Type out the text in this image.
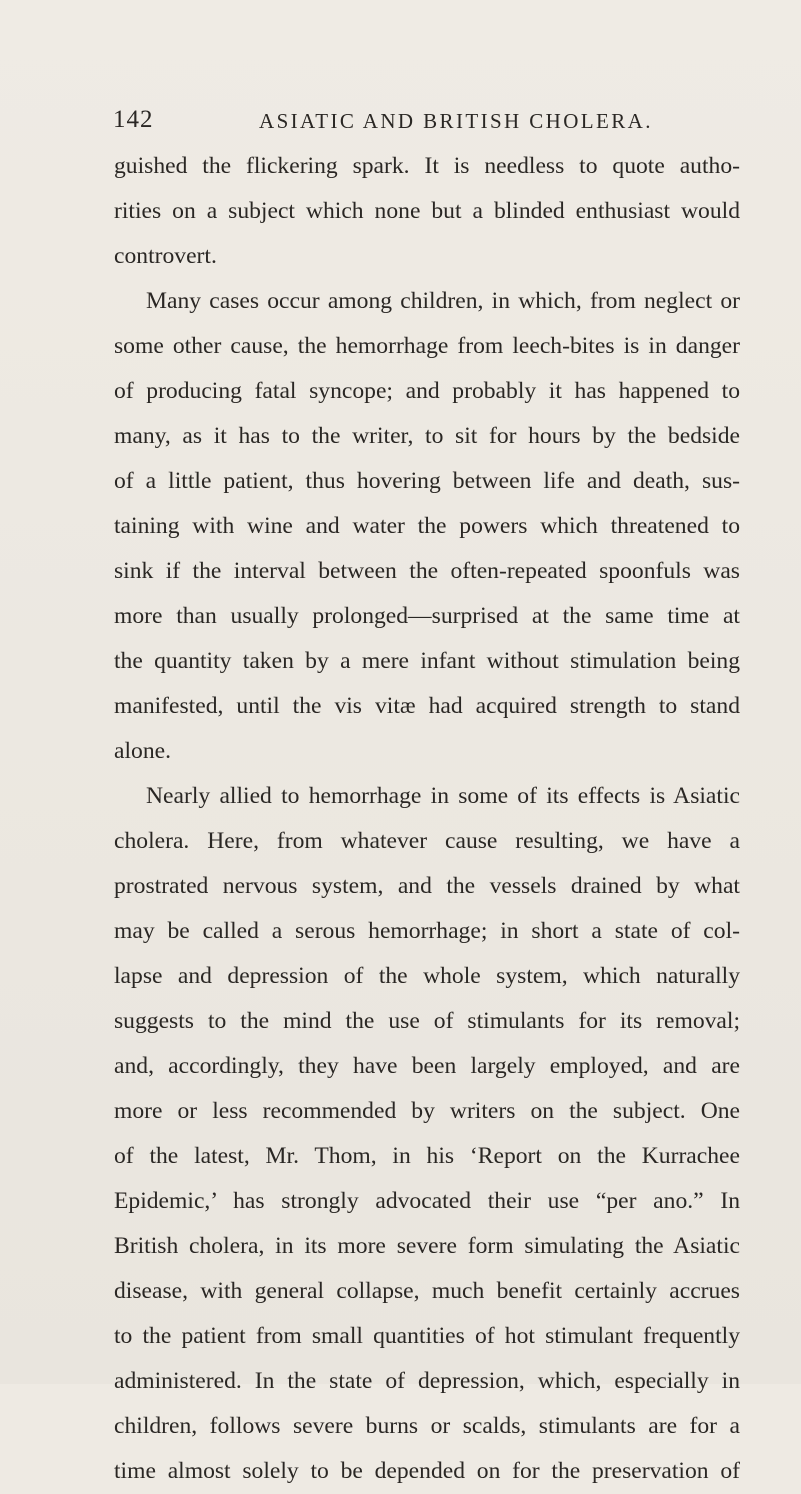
142	ASIATIC AND BRITISH CHOLERA.
guished the flickering spark. It is needless to quote autho-
rities on a subject which none but a blinded enthusiast would
controvert.
Many cases occur among children, in which, from neglect or
some other cause, the hemorrhage from leech-bites is in danger
of producing fatal syncope; and probably it has happened to
many, as it has to the writer, to sit for hours by the bedside
of a little patient, thus hovering between life and death, sus-
taining with wine and water the powers which threatened to
sink if the interval between the often-repeated spoonfuls was
more than usually prolonged—surprised at the same time at
the quantity taken by a mere infant without stimulation being
manifested, until the vis vitæ had acquired strength to stand
alone.
Nearly allied to hemorrhage in some of its effects is Asiatic
cholera. Here, from whatever cause resulting, we have a
prostrated nervous system, and the vessels drained by what
may be called a serous hemorrhage; in short a state of col-
lapse and depression of the whole system, which naturally
suggests to the mind the use of stimulants for its removal;
and, accordingly, they have been largely employed, and are
more or less recommended by writers on the subject. One
of the latest, Mr. Thom, in his ‘Report on the Kurrachee
Epidemic,’ has strongly advocated their use “per ano.” In
British cholera, in its more severe form simulating the Asiatic
disease, with general collapse, much benefit certainly accrues
to the patient from small quantities of hot stimulant frequently
administered. In the state of depression, which, especially in
children, follows severe burns or scalds, stimulants are for a
time almost solely to be depended on for the preservation of
